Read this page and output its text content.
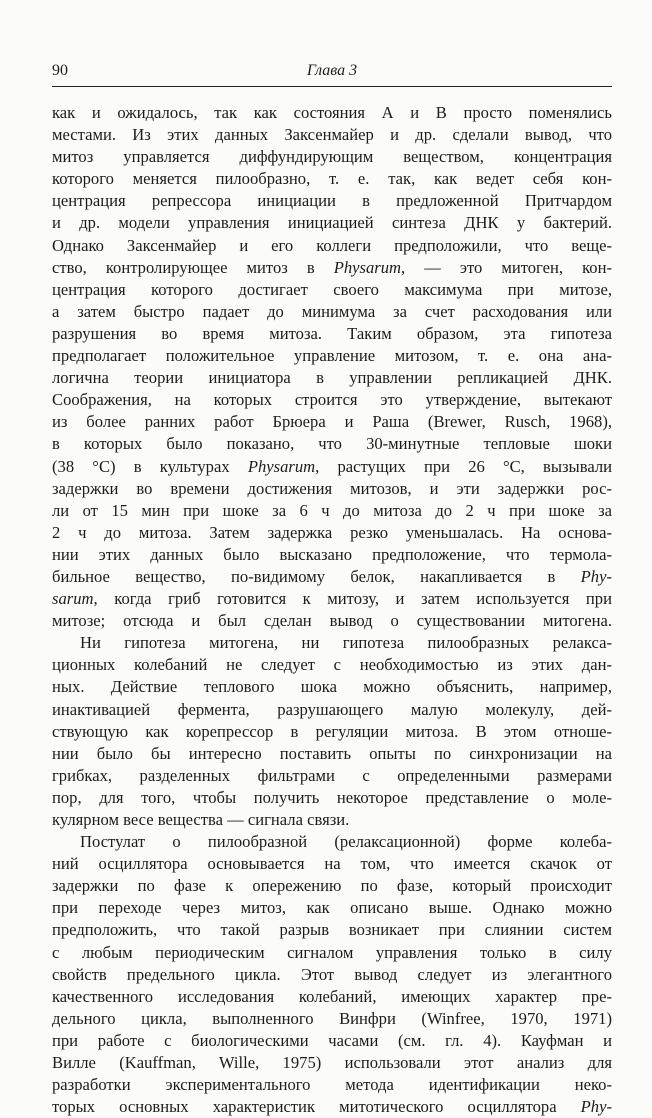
90	Глава 3
как и ожидалось, так как состояния А и В просто поменялись
местами. Из этих данных Заксенмайер и др. сделали вывод, что
митоз управляется диффундирующим веществом, концентрация
которого меняется пилообразно, т. е. так, как ведет себя кон-
центрация репрессора инициации в предложенной Притчардом
и др. модели управления инициацией синтеза ДНК у бактерий.
Однако Заксенмайер и его коллеги предположили, что веще-
ство, контролирующее митоз в Physarum, — это митоген, кон-
центрация которого достигает своего максимума при митозе,
а затем быстро падает до минимума за счет расходования или
разрушения во время митоза. Таким образом, эта гипотеза
предполагает положительное управление митозом, т. е. она ана-
логична теории инициатора в управлении репликацией ДНК.
Соображения, на которых строится это утверждение, вытекают
из более ранних работ Брюера и Раша (Brewer, Rusch, 1968),
в которых было показано, что 30-минутные тепловые шоки
(38 °С) в культурах Physarum, растущих при 26 °С, вызывали
задержки во времени достижения митозов, и эти задержки рос-
ли от 15 мин при шоке за 6 ч до митоза до 2 ч при шоке за
2 ч до митоза. Затем задержка резко уменьшалась. На основа-
нии этих данных было высказано предположение, что термола-
бильное вещество, по-видимому белок, накапливается в Phy-
sarum, когда гриб готовится к митозу, и затем используется при
митозе; отсюда и был сделан вывод о существовании митогена.
Ни гипотеза митогена, ни гипотеза пилообразных релакса-
ционных колебаний не следует с необходимостью из этих дан-
ных. Действие теплового шока можно объяснить, например,
инактивацией фермента, разрушающего малую молекулу, дей-
ствующую как корепрессор в регуляции митоза. В этом отноше-
нии было бы интересно поставить опыты по синхронизации на
грибках, разделенных фильтрами с определенными размерами
пор, для того, чтобы получить некоторое представление о моле-
кулярном весе вещества — сигнала связи.
Постулат о пилообразной (релаксационной) форме колеба-
ний осциллятора основывается на том, что имеется скачок от
задержки по фазе к опережению по фазе, который происходит
при переходе через митоз, как описано выше. Однако можно
предположить, что такой разрыв возникает при слиянии систем
с любым периодическим сигналом управления только в силу
свойств предельного цикла. Этот вывод следует из элегантного
качественного исследования колебаний, имеющих характер пре-
дельного цикла, выполненного Винфри (Winfree, 1970, 1971)
при работе с биологическими часами (см. гл. 4). Кауфман и
Вилле (Kauffman, Wille, 1975) использовали этот анализ для
разработки экспериментального метода идентификации неко-
торых основных характеристик митотического осциллятора Phy-
